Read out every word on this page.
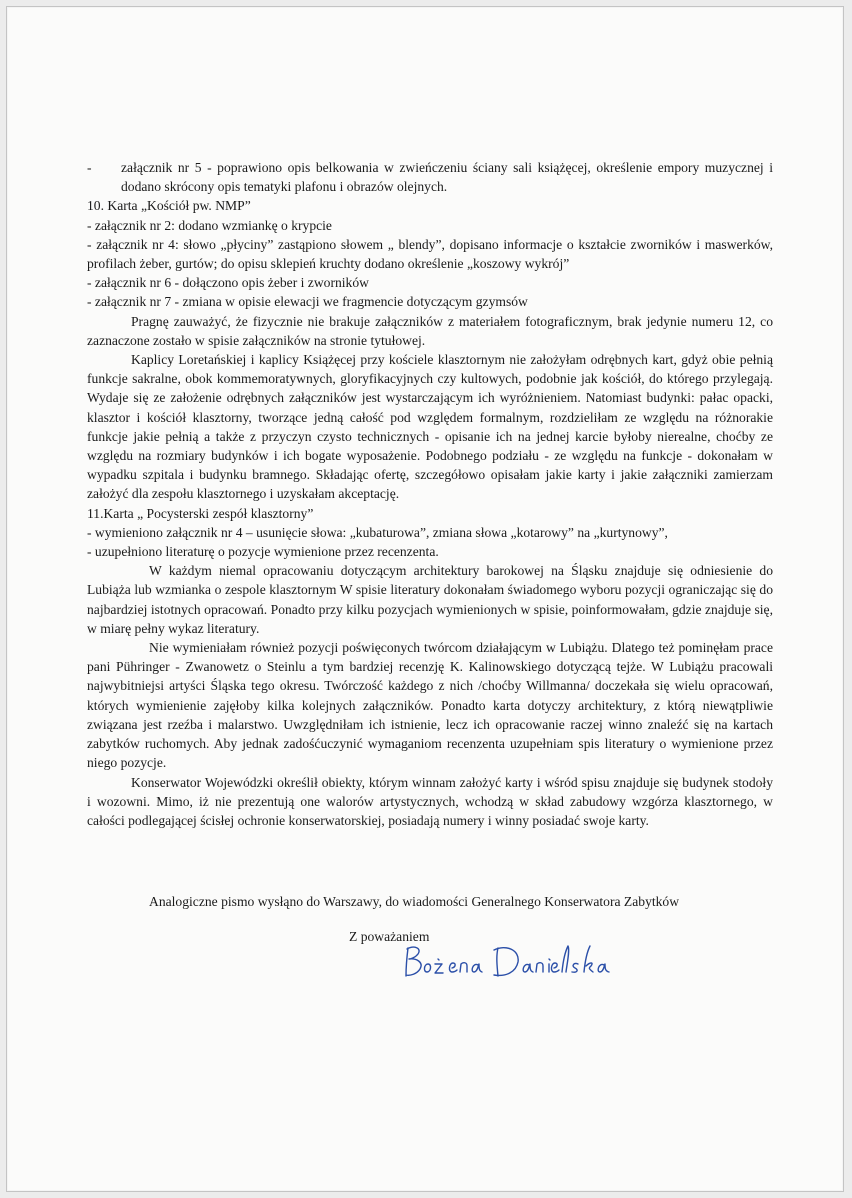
- załącznik nr 5 - poprawiono opis belkowania w zwieńczeniu ściany sali książęcej, określenie empory muzycznej i dodano skrócony opis tematyki plafonu i obrazów olejnych.

10. Karta „Kościół pw. NMP”

- załącznik nr 2: dodano wzmiankę o krypcie

- załącznik nr 4: słowo „płyciny” zastąpiono słowem „ blendy”, dopisano informacje o kształcie zworników i maswerków, profilach żeber, gurtów; do opisu sklepień kruchty dodano określenie „koszowy wykrój”

- załącznik nr 6 - dołączono opis żeber i zworników

- załącznik nr 7 - zmiana w opisie elewacji we fragmencie dotyczącym gzymsów

Pragnę zauważyć, że fizycznie nie brakuje załączników z materiałem fotograficznym, brak jedynie numeru 12, co zaznaczone zostało w spisie załączników na stronie tytułowej.

Kaplicy Loretańskiej i kaplicy Książęcej przy kościele klasztornym nie założyłam odrębnych kart, gdyż obie pełnią funkcje sakralne, obok kommemoratywnych, gloryfikacyjnych czy kultowych, podobnie jak kościół, do którego przylegają. Wydaje się ze założenie odrębnych załączników jest wystarczającym ich wyróżnieniem. Natomiast budynki: pałac opacki, klasztor i kościół klasztorny, tworzące jedną całość pod względem formalnym, rozdzieliłam ze względu na różnorakie funkcje jakie pełnią a także z przyczyn czysto technicznych - opisanie ich na jednej karcie byłoby nierealne, choćby ze względu na rozmiary budynków i ich bogate wyposażenie. Podobnego podziału - ze względu na funkcje - dokonałam w wypadku szpitala i budynku bramnego. Składając ofertę, szczegółowo opisałam jakie karty i jakie załączniki zamierzam założyć dla zespołu klasztornego i uzyskałam akceptację.

11.Karta „ Pocysterski zespół klasztorny”

- wymieniono załącznik nr 4 – usunięcie słowa: „kubaturowa”, zmiana słowa „kotarowy” na „kurtynowy”,

- uzupełniono literaturę o pozycje wymienione przez recenzenta.

W każdym niemal opracowaniu dotyczącym architektury barokowej na Śląsku znajduje się odniesienie do Lubiąża lub wzmianka o zespole klasztornym W spisie literatury dokonałam świadomego wyboru pozycji ograniczając się do najbardziej istotnych opracowań. Ponadto przy kilku pozycjach wymienionych w spisie, poinformowałam, gdzie znajduje się, w miarę pełny wykaz literatury.

Nie wymieniałam również pozycji poświęconych twórcom działającym w Lubiążu. Dlatego też pominęłam prace pani Pühringer - Zwanowetz o Steinlu a tym bardziej recenzję K. Kalinowskiego dotyczącą tejże. W Lubiążu pracowali najwybitniejsi artyści Śląska tego okresu. Twórczość każdego z nich /choćby Willmanna/ doczekała się wielu opracowań, których wymienienie zajęłoby kilka kolejnych załączników. Ponadto karta dotyczy architektury, z którą niewątpliwie związana jest rzeźba i malarstwo. Uwzględniłam ich istnienie, lecz ich opracowanie raczej winno znaleźć się na kartach zabytków ruchomych. Aby jednak zadośćuczynić wymaganiom recenzenta uzupełniam spis literatury o wymienione przez niego pozycje.

Konserwator Wojewódzki określił obiekty, którym winnam założyć karty i wśród spisu znajduje się budynek stodoły i wozowni. Mimo, iż nie prezentują one walorów artystycznych, wchodzą w skład zabudowy wzgórza klasztornego, w całości podlegającej ścisłej ochronie konserwatorskiej, posiadają numery i winny posiadać swoje karty.

Analogiczne pismo wysłąno do Warszawy, do wiadomości Generalnego Konserwatora Zabytków
Z poważaniem
